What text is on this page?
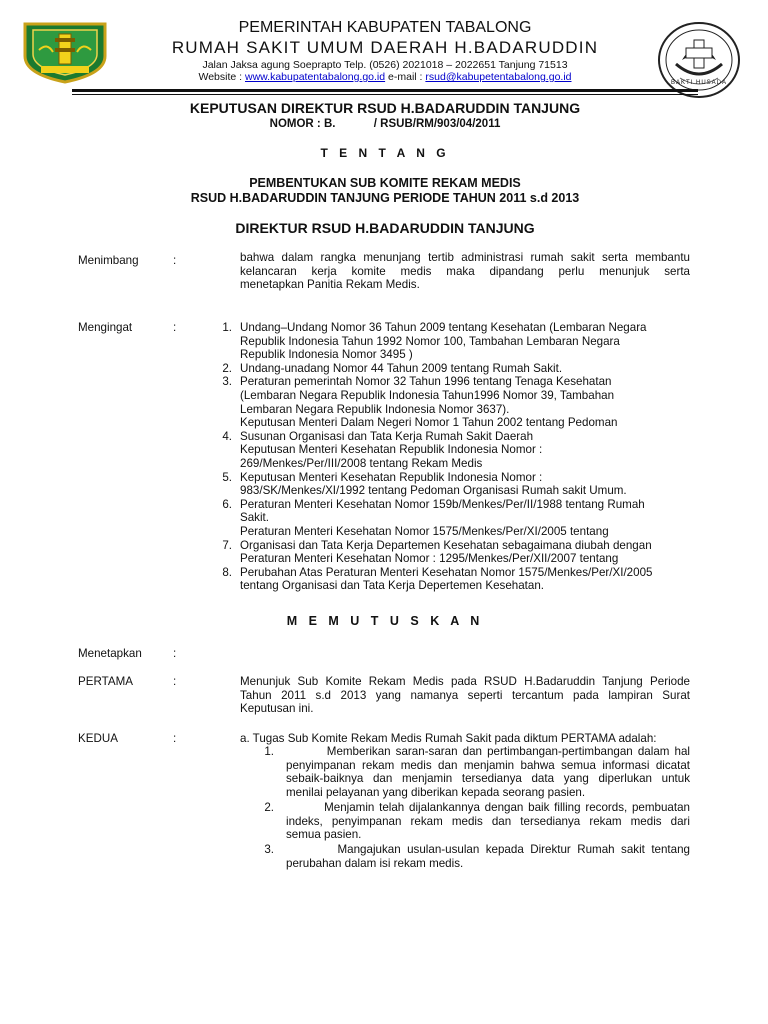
BAKTI HUSADA
PEMERINTAH KABUPATEN TABALONG
RUMAH SAKIT UMUM DAERAH H.BADARUDDIN
Jalan Jaksa agung Soeprapto Telp. (0526) 2021018 – 2022651 Tanjung 71513
Website : www.kabupatentabalong.go.id e-mail : rsud@kabupetentabalong.go.id
KEPUTUSAN DIREKTUR RSUD H.BADARUDDIN TANJUNG
NOMOR : B.            / RSUB/RM/903/04/2011
T E N T A N G
PEMBENTUKAN SUB KOMITE REKAM MEDIS
RSUD H.BADARUDDIN TANJUNG PERIODE TAHUN 2011 s.d 2013
DIREKTUR RSUD H.BADARUDDIN TANJUNG
Menimbang	:	bahwa dalam rangka menunjang tertib administrasi rumah sakit serta membantu
kelancaran kerja komite medis maka dipandang perlu menunjuk serta
menetapkan Panitia Rekam Medis.
Mengingat	:	1. Undang–Undang Nomor 36 Tahun 2009 tentang Kesehatan (Lembaran Negara
Republik Indonesia Tahun 1992 Nomor 100, Tambahan Lembaran Negara
Republik Indonesia Nomor 3495 )
2. Undang-unadang Nomor 44 Tahun 2009 tentang Rumah Sakit.
3. Peraturan pemerintah Nomor 32 Tahun 1996 tentang Tenaga Kesehatan
(Lembaran Negara Republik Indonesia Tahun1996 Nomor 39, Tambahan
Lembaran Negara Republik Indonesia Nomor 3637).
Keputusan Menteri Dalam Negeri Nomor 1 Tahun 2002 tentang Pedoman
4. Susunan Organisasi dan Tata Kerja Rumah Sakit Daerah
Keputusan Menteri Kesehatan Republik Indonesia Nomor :
269/Menkes/Per/III/2008 tentang Rekam Medis
5. Keputusan Menteri Kesehatan Republik Indonesia Nomor :
983/SK/Menkes/XI/1992 tentang Pedoman Organisasi Rumah sakit Umum.
6. Peraturan Menteri Kesehatan Nomor 159b/Menkes/Per/II/1988 tentang Rumah
Sakit.
Peraturan Menteri Kesehatan Nomor 1575/Menkes/Per/XI/2005 tentang
7. Organisasi dan Tata Kerja Departemen Kesehatan sebagaimana diubah dengan
Peraturan Menteri Kesehatan Nomor : 1295/Menkes/Per/XII/2007 tentang
8. Perubahan Atas Peraturan Menteri Kesehatan Nomor 1575/Menkes/Per/XI/2005
tentang Organisasi dan Tata Kerja Depertemen Kesehatan.
M E M U T U S K A N
Menetapkan	:
PERTAMA	:	Menunjuk Sub Komite Rekam Medis pada RSUD H.Badaruddin Tanjung Periode
Tahun 2011 s.d 2013 yang namanya seperti tercantum pada lampiran Surat
Keputusan ini.
KEDUA	:	a. Tugas Sub Komite Rekam Medis Rumah Sakit pada diktum PERTAMA adalah:
1. Memberikan saran-saran dan pertimbangan-pertimbangan dalam hal
penyimpanan rekam medis dan menjamin bahwa semua informasi dicatat
sebaik-baiknya dan menjamin tersedianya data yang diperlukan untuk
menilai pelayanan yang diberikan kepada seorang pasien.
2. Menjamin telah dijalankannya dengan baik filling records, pembuatan
indeks, penyimpanan rekam medis dan tersedianya rekam medis dari
semua pasien.
3. Mangajukan usulan-usulan kepada Direktur Rumah sakit tentang
perubahan dalam isi rekam medis.
